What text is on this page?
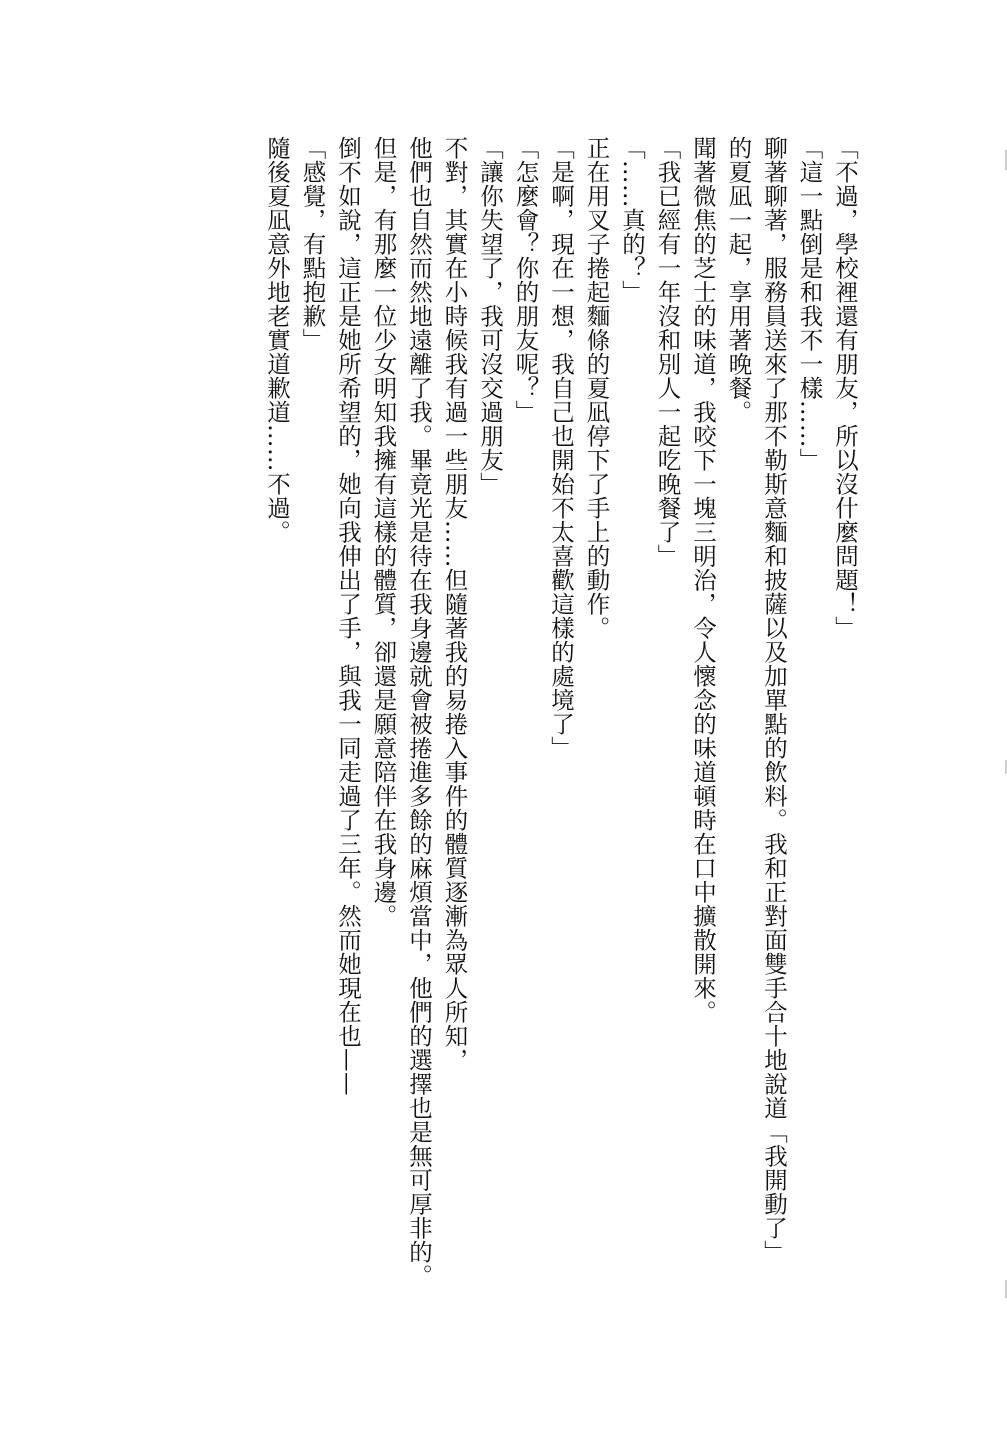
「不過，學校裡還有朋友，所以沒什麼問題！」
「這一點倒是和我不一樣……」
聊著聊著，服務員送來了那不勒斯意麵和披薩以及加單點的飲料。我和正對面雙手合十地說道「我開動了」
的夏凪一起，享用著晚餐。
聞著微焦的芝士的味道，我咬下一塊三明治，令人懷念的味道頓時在口中擴散開來。
「我已經有一年沒和別人一起吃晚餐了」
「……真的？」
正在用叉子捲起麵條的夏凪停下了手上的動作。
「是啊，現在一想，我自己也開始不太喜歡這樣的處境了」
「怎麼會？你的朋友呢？」
「讓你失望了，我可沒交過朋友」
不對，其實在小時候我有過一些朋友……但隨著我的易捲入事件的體質逐漸為眾人所知，
他們也自然而然地遠離了我。畢竟光是待在我身邊就會被捲進多餘的麻煩當中，他們的選擇也是無可厚非的。
但是，有那麼一位少女明知我擁有這樣的體質，卻還是願意陪伴在我身邊。
倒不如說，這正是她所希望的，她向我伸出了手，與我一同走過了三年。然而她現在也——
「感覺，有點抱歉」
隨後夏凪意外地老實道歉道……不過。
